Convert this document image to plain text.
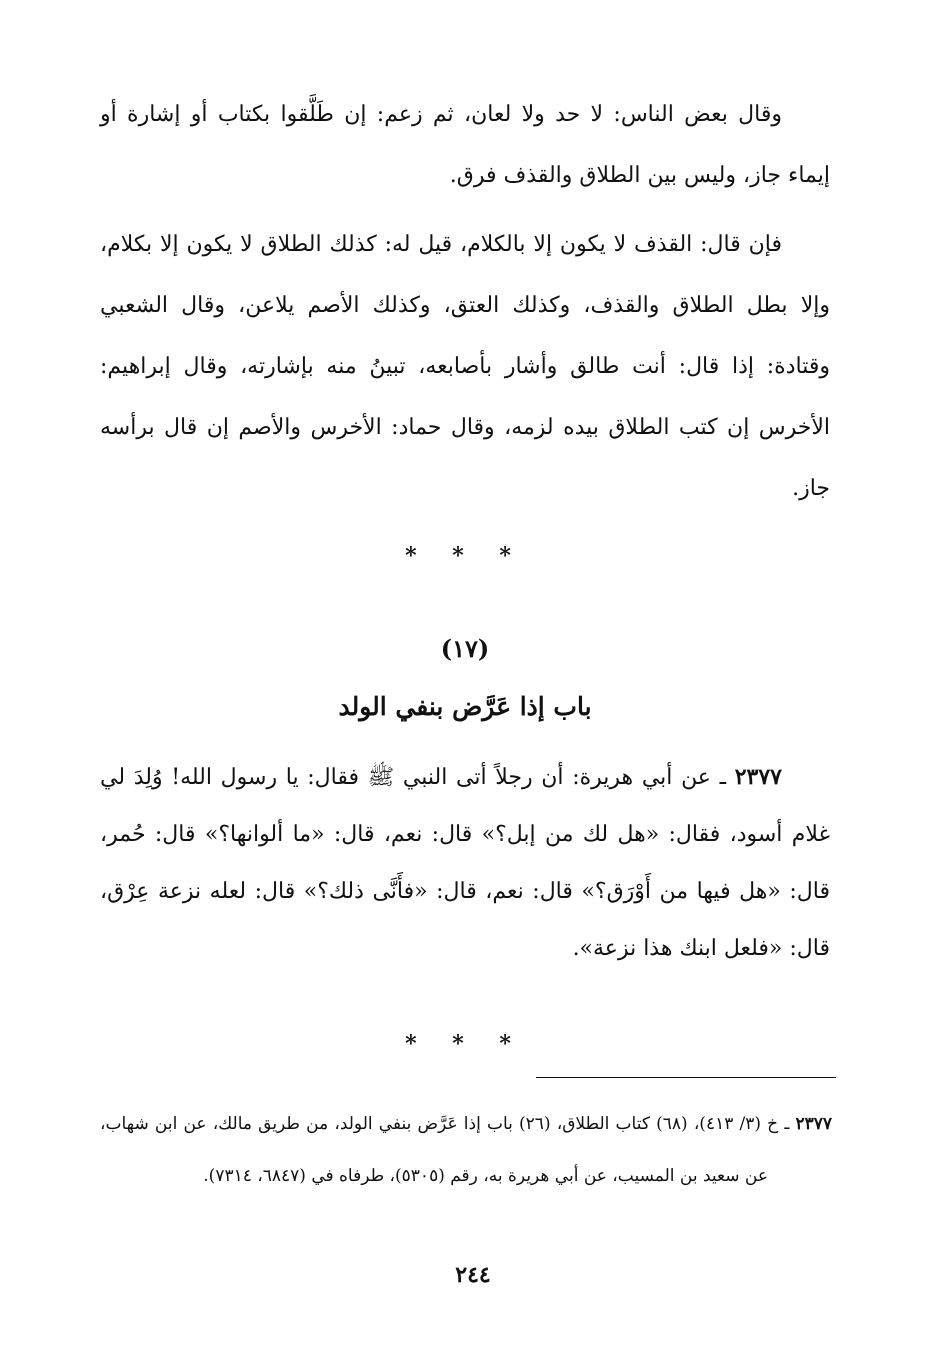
وقال بعض الناس: لا حد ولا لعان، ثم زعم: إن طَلَّقوا بكتاب أو إشارة أو إيماء جاز، وليس بين الطلاق والقذف فرق.

فإن قال: القذف لا يكون إلا بالكلام، قيل له: كذلك الطلاق لا يكون إلا بكلام، وإلا بطل الطلاق والقذف، وكذلك العتق، وكذلك الأصم يلاعن، وقال الشعبي وقتادة: إذا قال: أنت طالق وأشار بأصابعه، تبينُ منه بإشارته، وقال إبراهيم: الأخرس إن كتب الطلاق بيده لزمه، وقال حماد: الأخرس والأصم إن قال برأسه جاز.

* * *
(١٧)
باب إذا عَرَّض بنفي الولد

٢٣٧٧ ـ عن أبي هريرة: أن رجلاً أتى النبي ﷺ فقال: يا رسول الله! وُلِدَ لي غلام أسود، فقال: «هل لك من إبل؟» قال: نعم، قال: «ما ألوانها؟» قال: حُمر، قال: «هل فيها من أَوْرَق؟» قال: نعم، قال: «فأَنَّى ذلك؟» قال: لعله نزعة عِرْق، قال: «فلعل ابنك هذا نزعة».

* * *

٢٣٧٧ ـ خ (٣/ ٤١٣)، (٦٨) كتاب الطلاق، (٢٦) باب إذا عَرَّض بنفي الولد، من طريق مالك، عن ابن شهاب، عن سعيد بن المسيب، عن أبي هريرة به، رقم (٥٣٠٥)، طرفاه في (٦٨٤٧، ٧٣١٤).

٢٤٤
